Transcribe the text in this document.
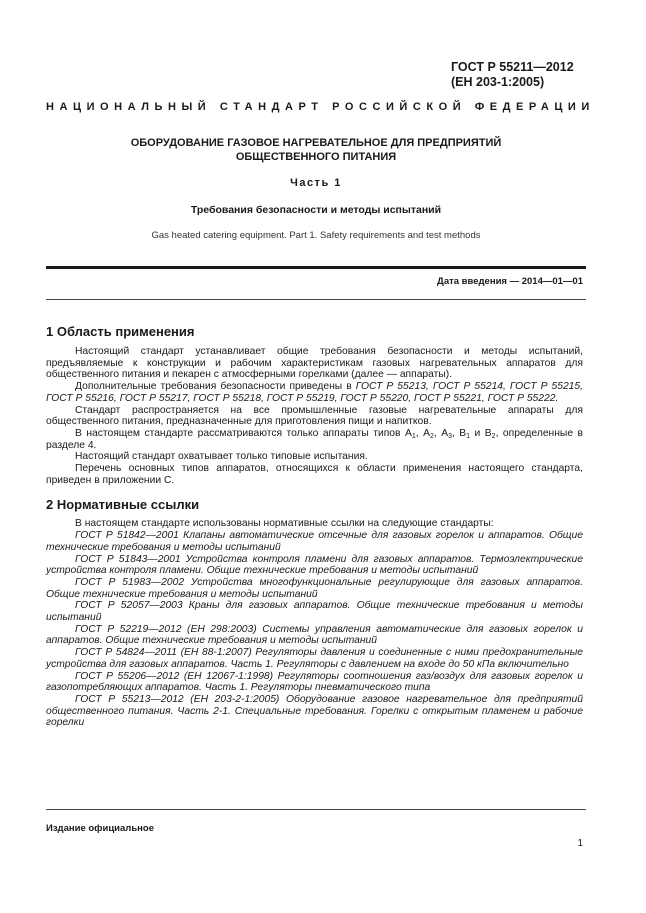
ГОСТ Р 55211—2012
(ЕН 203-1:2005)
НАЦИОНАЛЬНЫЙ СТАНДАРТ РОССИЙСКОЙ ФЕДЕРАЦИИ
ОБОРУДОВАНИЕ ГАЗОВОЕ НАГРЕВАТЕЛЬНОЕ ДЛЯ ПРЕДПРИЯТИЙ
ОБЩЕСТВЕННОГО ПИТАНИЯ
Часть 1
Требования безопасности и методы испытаний
Gas heated catering equipment. Part 1. Safety requirements and test methods
Дата введения — 2014—01—01
1 Область применения

Настоящий стандарт устанавливает общие требования безопасности и методы испытаний, предъявляемые к конструкции и рабочим характеристикам газовых нагревательных аппаратов для общественного питания и пекарен с атмосферными горелками (далее — аппараты).

Дополнительные требования безопасности приведены в ГОСТ Р 55213, ГОСТ Р 55214, ГОСТ Р 55215, ГОСТ Р 55216, ГОСТ Р 55217, ГОСТ Р 55218, ГОСТ Р 55219, ГОСТ Р 55220, ГОСТ Р 55221, ГОСТ Р 55222.

Стандарт распространяется на все промышленные газовые нагревательные аппараты для общественного питания, предназначенные для приготовления пищи и напитков.

В настоящем стандарте рассматриваются только аппараты типов $А_1$, $А_2$, $А_3$, $В_1$ и $В_2$, определенные в разделе 4.

Настоящий стандарт охватывает только типовые испытания.

Перечень основных типов аппаратов, относящихся к области применения настоящего стандарта, приведен в приложении С.

2 Нормативные ссылки

В настоящем стандарте использованы нормативные ссылки на следующие стандарты:

ГОСТ Р 51842—2001 Клапаны автоматические отсечные для газовых горелок и аппаратов. Общие технические требования и методы испытаний

ГОСТ Р 51843—2001 Устройства контроля пламени для газовых аппаратов. Термоэлектрические устройства контроля пламени. Общие технические требования и методы испытаний

ГОСТ Р 51983—2002 Устройства многофункциональные регулирующие для газовых аппаратов. Общие технические требования и методы испытаний

ГОСТ Р 52057—2003 Краны для газовых аппаратов. Общие технические требования и методы испытаний

ГОСТ Р 52219—2012 (ЕН 298:2003) Системы управления автоматические для газовых горелок и аппаратов. Общие технические требования и методы испытаний

ГОСТ Р 54824—2011 (ЕН 88-1:2007) Регуляторы давления и соединенные с ними предохранительные устройства для газовых аппаратов. Часть 1. Регуляторы с давлением на входе до 50 кПа включительно

ГОСТ Р 55206—2012 (ЕН 12067-1:1998) Регуляторы соотношения газ/воздух для газовых горелок и газопотребляющих аппаратов. Часть 1. Регуляторы пневматического типа

ГОСТ Р 55213—2012 (ЕН 203-2-1:2005) Оборудование газовое нагревательное для предприятий общественного питания. Часть 2-1. Специальные требования. Горелки с открытым пламенем и рабочие горелки

Издание официальное
1
